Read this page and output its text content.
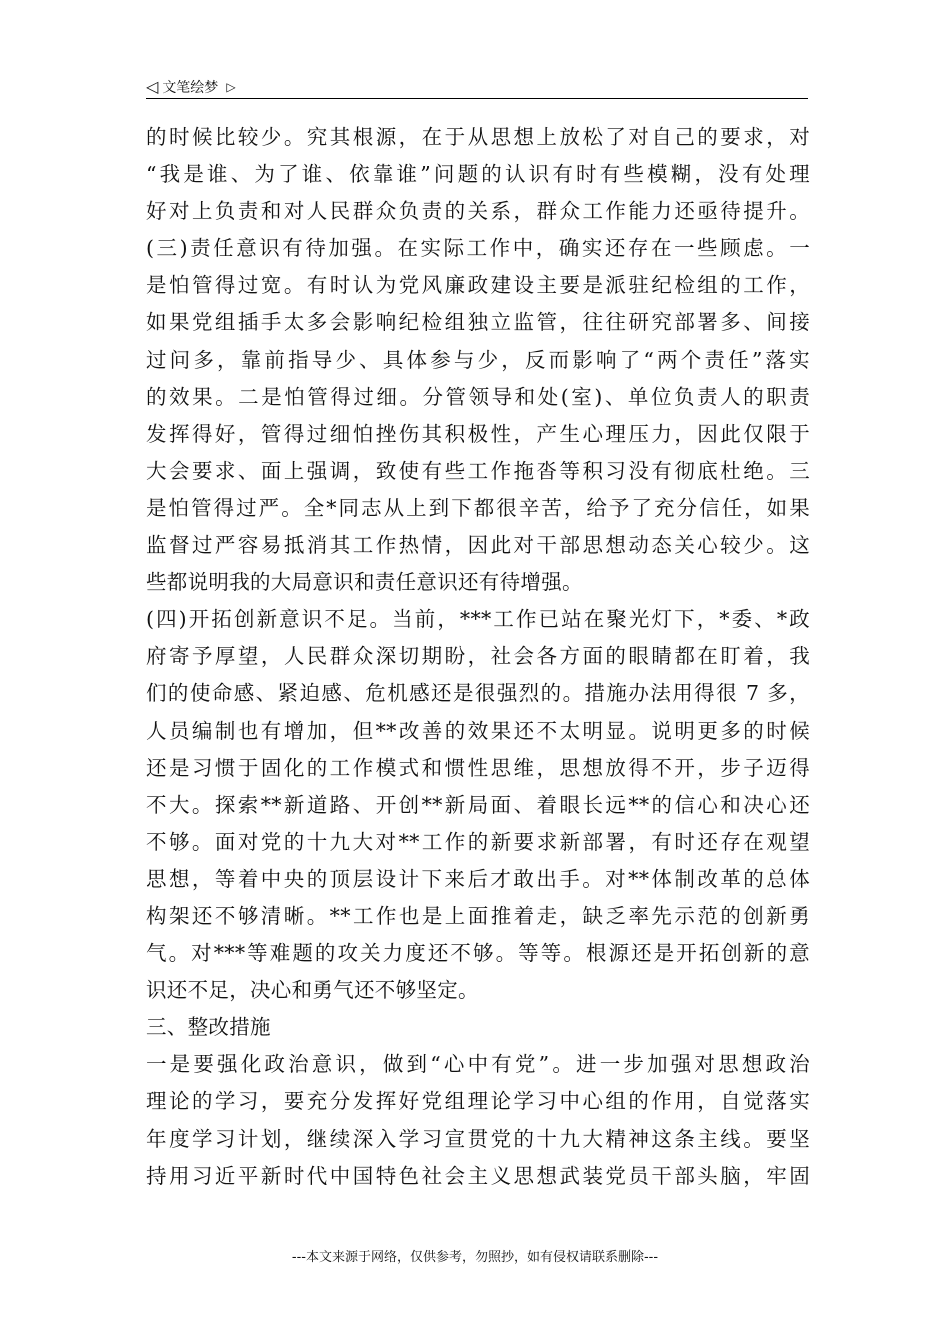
◁ 文笔绘梦 ▷
的时候比较少。究其根源，在于从思想上放松了对自己的要求，对
“我是谁、为了谁、依靠谁”问题的认识有时有些模糊，没有处理
好对上负责和对人民群众负责的关系，群众工作能力还亟待提升。
(三)责任意识有待加强。在实际工作中，确实还存在一些顾虑。一
是怕管得过宽。有时认为党风廉政建设主要是派驻纪检组的工作，
如果党组插手太多会影响纪检组独立监管，往往研究部署多、间接
过问多，靠前指导少、具体参与少，反而影响了“两个责任”落实
的效果。二是怕管得过细。分管领导和处(室)、单位负责人的职责
发挥得好，管得过细怕挫伤其积极性，产生心理压力，因此仅限于
大会要求、面上强调，致使有些工作拖沓等积习没有彻底杜绝。三
是怕管得过严。全*同志从上到下都很辛苦，给予了充分信任，如果
监督过严容易抵消其工作热情，因此对干部思想动态关心较少。这
些都说明我的大局意识和责任意识还有待增强。
(四)开拓创新意识不足。当前，***工作已站在聚光灯下，*委、*政
府寄予厚望，人民群众深切期盼，社会各方面的眼睛都在盯着，我
们的使命感、紧迫感、危机感还是很强烈的。措施办法用得很 7 多，
人员编制也有增加，但**改善的效果还不太明显。说明更多的时候
还是习惯于固化的工作模式和惯性思维，思想放得不开，步子迈得
不大。探索**新道路、开创**新局面、着眼长远**的信心和决心还
不够。面对党的十九大对**工作的新要求新部署，有时还存在观望
思想，等着中央的顶层设计下来后才敢出手。对**体制改革的总体
构架还不够清晰。**工作也是上面推着走，缺乏率先示范的创新勇
气。对***等难题的攻关力度还不够。等等。根源还是开拓创新的意
识还不足，决心和勇气还不够坚定。
三、整改措施
一是要强化政治意识，做到“心中有党”。进一步加强对思想政治
理论的学习，要充分发挥好党组理论学习中心组的作用，自觉落实
年度学习计划，继续深入学习宣贯党的十九大精神这条主线。要坚
持用习近平新时代中国特色社会主义思想武装党员干部头脑，牢固
---本文来源于网络，仅供参考，勿照抄，如有侵权请联系删除---
